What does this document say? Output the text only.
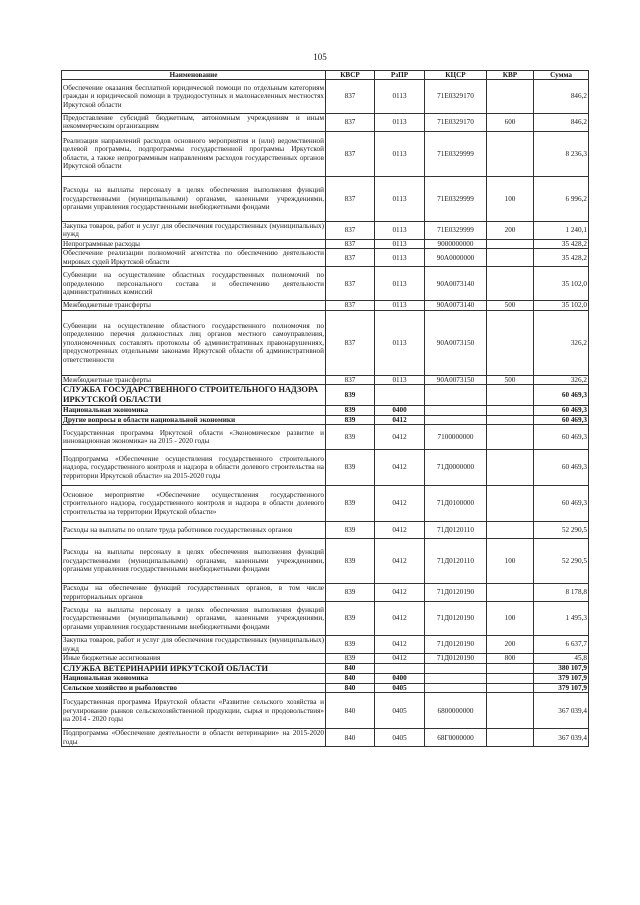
105
Наименование	КВСР	РзПР	КЦСР	КВР	Сумма
Обеспечение оказания бесплатной юридической помощи по отдельным категориям граждан и юридической помощи в труднодоступных и малонаселенных местностях Иркутской области	837	0113	71Е0329170		846,2
Предоставление субсидий бюджетным, автономным учреждениям и иным некоммерческим организациям	837	0113	71Е0329170	600	846,2
Реализация направлений расходов основного мероприятия и (или) ведомственной целевой программы, подпрограммы государственной программы Иркутской области, а также непрограммным направлениям расходов государственных органов Иркутской области	837	0113	71Е0329999		8 236,3
Расходы на выплаты персоналу в целях обеспечения выполнения функций государственными (муниципальными) органами, казенными учреждениями, органами управления государственными внебюджетными фондами	837	0113	71Е0329999	100	6 996,2
Закупка товаров, работ и услуг для обеспечения государственных (муниципальных) нужд	837	0113	71Е0329999	200	1 240,1
Непрограммные расходы	837	0113	9000000000		35 428,2
Обеспечение реализации полномочий агентства по обеспечению деятельности мировых судей Иркутской области	837	0113	90А0000000		35 428,2
Субвенции на осуществление областных государственных полномочий по определению персонального состава и обеспечению деятельности административных комиссий	837	0113	90А0073140		35 102,0
Межбюджетные трансферты	837	0113	90А0073140	500	35 102,0
Субвенции на осуществление областного государственного полномочия по определению перечня должностных лиц органов местного самоуправления, уполномоченных составлять протоколы об административных правонарушениях, предусмотренных отдельными законами Иркутской области об административной ответственности	837	0113	90А0073150		326,2
Межбюджетные трансферты	837	0113	90А0073150	500	326,2
СЛУЖБА ГОСУДАРСТВЕННОГО СТРОИТЕЛЬНОГО НАДЗОРА ИРКУТСКОЙ ОБЛАСТИ	839				60 469,3
Национальная экономика	839	0400			60 469,3
Другие вопросы в области национальной экономики	839	0412			60 469,3
Государственная программа Иркутской области «Экономическое развитие и инновационная экономика» на 2015 - 2020 годы	839	0412	7100000000		60 469,3
Подпрограмма «Обеспечение осуществления государственного строительного надзора, государственного контроля и надзора в области долевого строительства на территории Иркутской области» на 2015-2020 годы	839	0412	71Д0000000		60 469,3
Основное мероприятие «Обеспечение осуществления государственного строительного надзора, государственного контроля и надзора в области долевого строительства на территории Иркутской области»	839	0412	71Д0100000		60 469,3
Расходы на выплаты по оплате труда работников государственных органов	839	0412	71Д0120110		52 290,5
Расходы на выплаты персоналу в целях обеспечения выполнения функций государственными (муниципальными) органами, казенными учреждениями, органами управления государственными внебюджетными фондами	839	0412	71Д0120110	100	52 290,5
Расходы на обеспечение функций государственных органов, в том числе территориальных органов	839	0412	71Д0120190		8 178,8
Расходы на выплаты персоналу в целях обеспечения выполнения функций государственными (муниципальными) органами, казенными учреждениями, органами управления государственными внебюджетными фондами	839	0412	71Д0120190	100	1 495,3
Закупка товаров, работ и услуг для обеспечения государственных (муниципальных) нужд	839	0412	71Д0120190	200	6 637,7
Иные бюджетные ассигнования	839	0412	71Д0120190	800	45,8
СЛУЖБА ВЕТЕРИНАРИИ ИРКУТСКОЙ ОБЛАСТИ	840				380 107,9
Национальная экономика	840	0400			379 107,9
Сельское хозяйство и рыболовство	840	0405			379 107,9
Государственная программа Иркутской области «Развитие сельского хозяйства и регулирование рынков сельскохозяйственной продукции, сырья и продовольствия» на 2014 - 2020 годы	840	0405	6800000000		367 039,4
Подпрограмма «Обеспечение деятельности в области ветеринарии» на 2015-2020 годы	840	0405	68Г0000000		367 039,4
